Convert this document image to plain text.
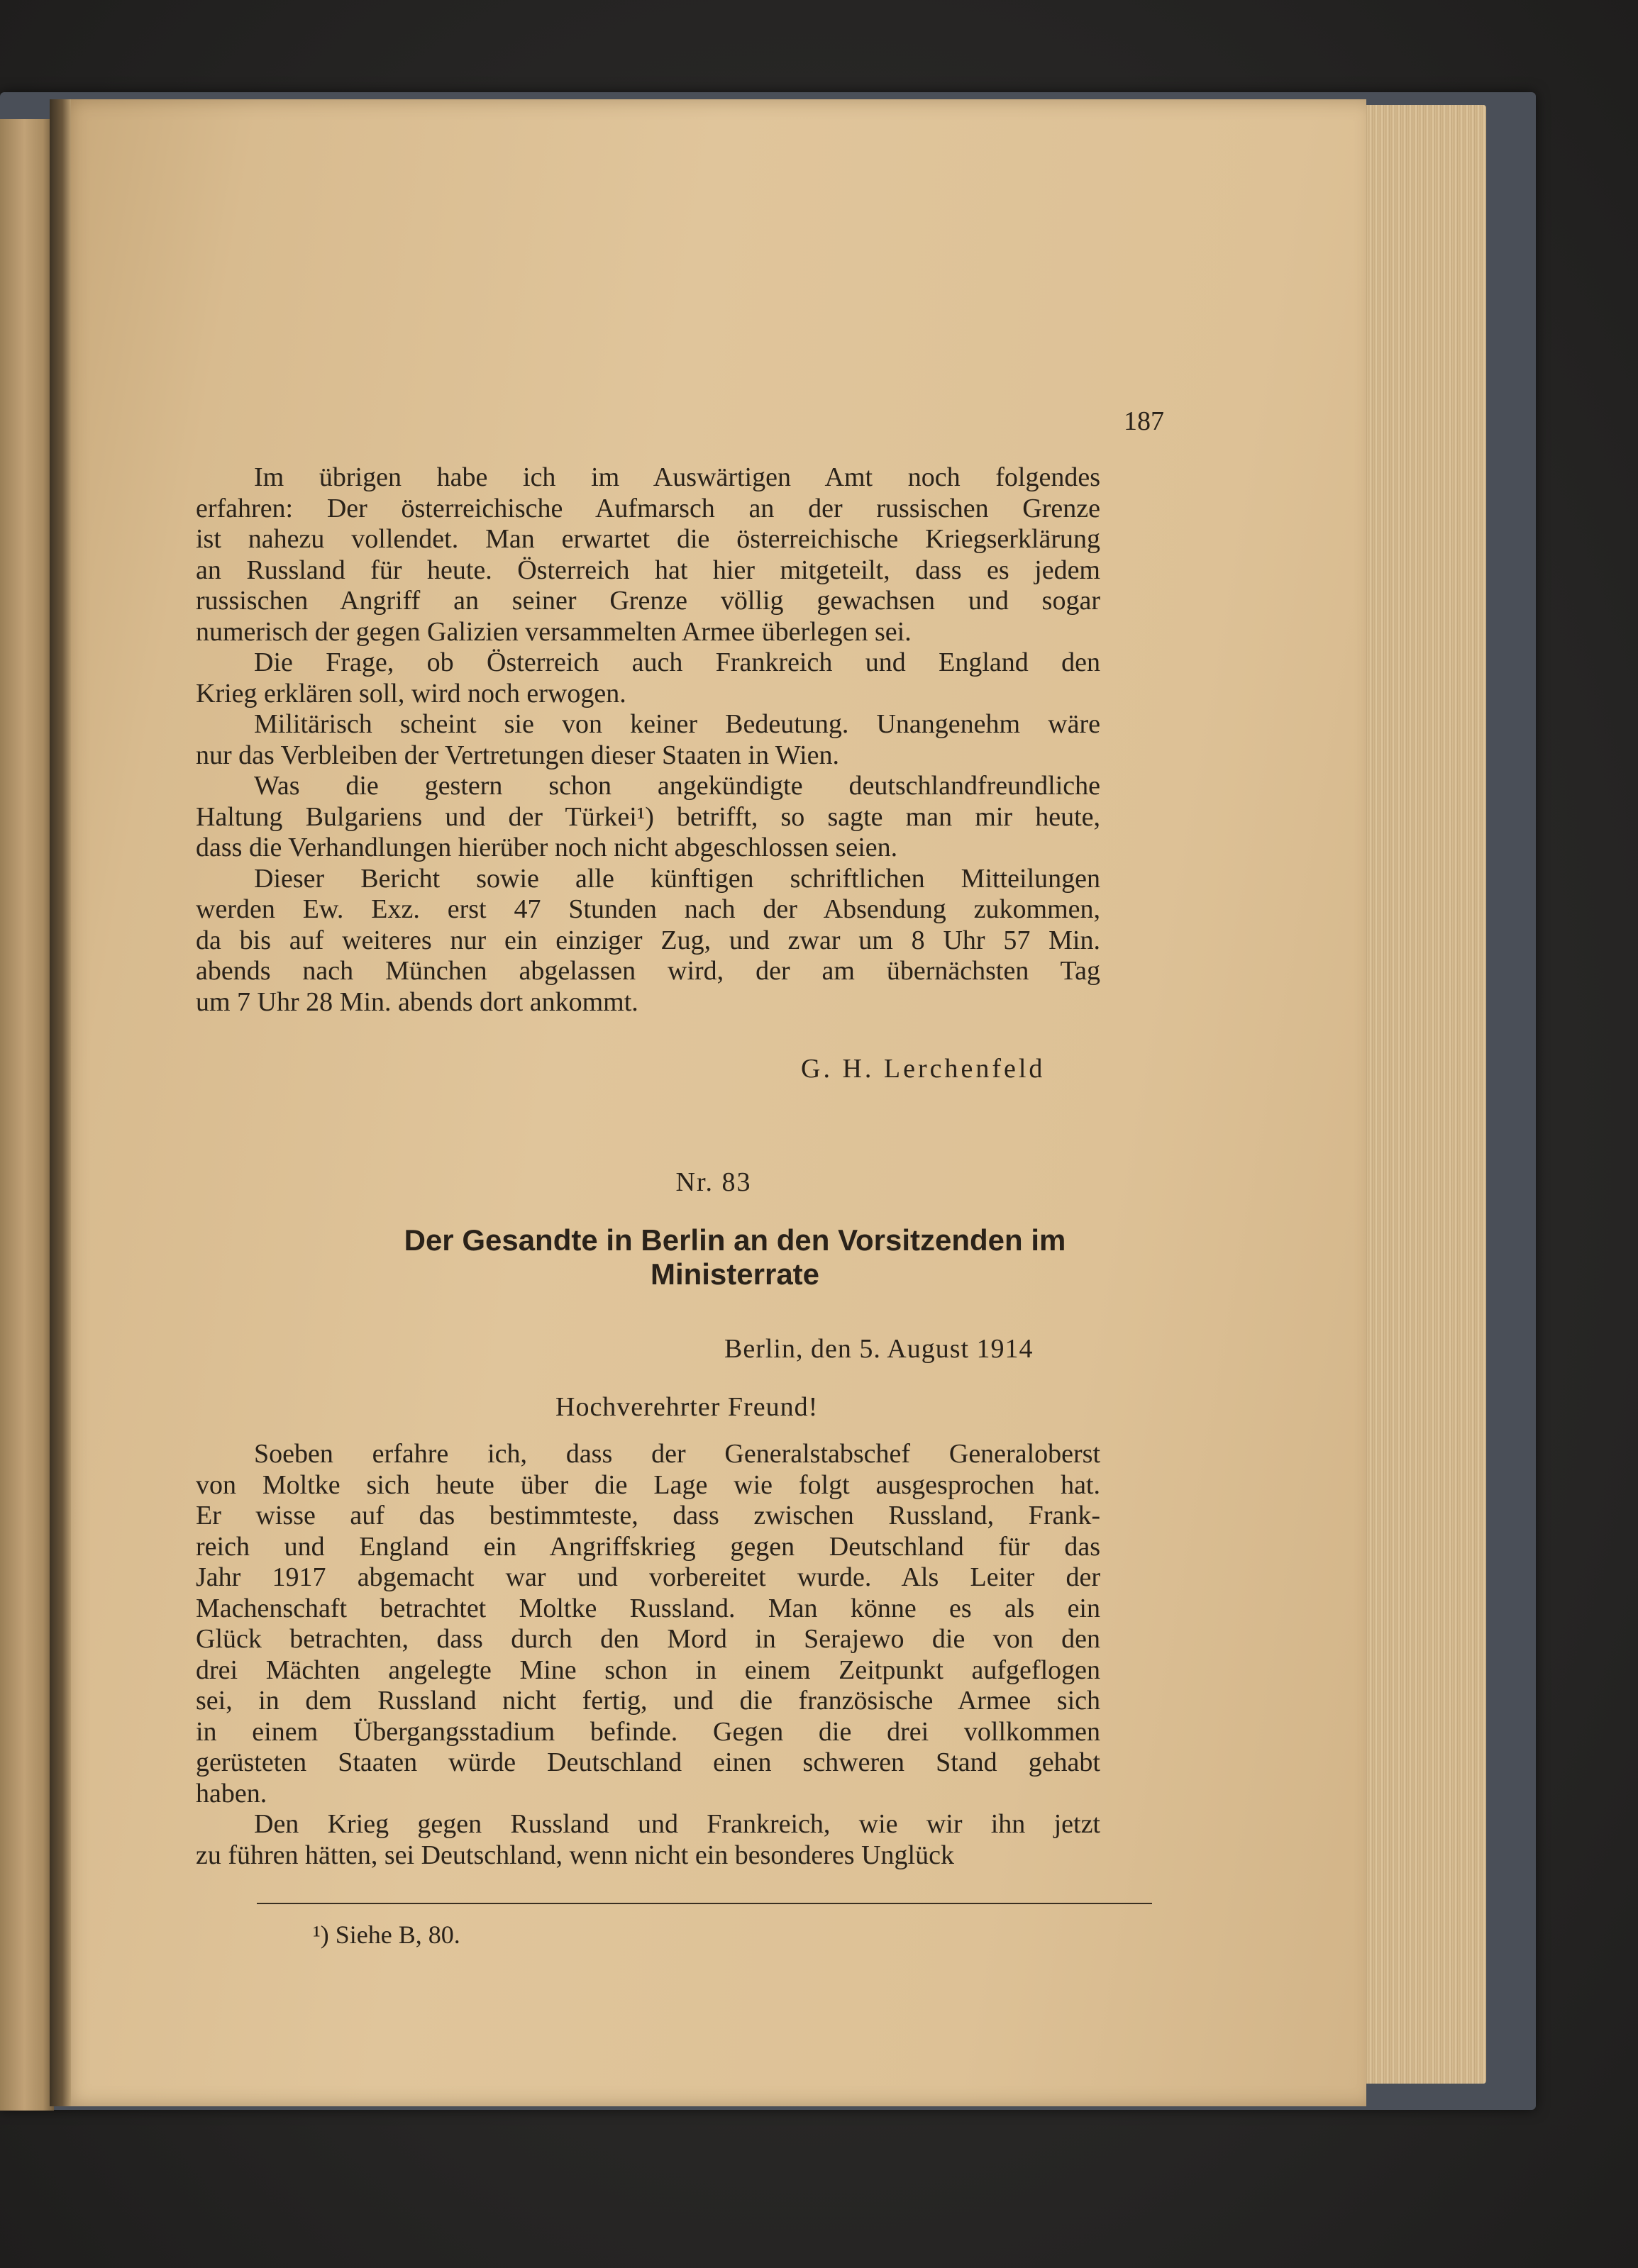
187
Im übrigen habe ich im Auswärtigen Amt noch folgendes
erfahren: Der österreichische Aufmarsch an der russischen Grenze
ist nahezu vollendet. Man erwartet die österreichische Kriegserklärung
an Russland für heute. Österreich hat hier mitgeteilt, dass es jedem
russischen Angriff an seiner Grenze völlig gewachsen und sogar
numerisch der gegen Galizien versammelten Armee überlegen sei.
Die Frage, ob Österreich auch Frankreich und England den
Krieg erklären soll, wird noch erwogen.
Militärisch scheint sie von keiner Bedeutung. Unangenehm wäre
nur das Verbleiben der Vertretungen dieser Staaten in Wien.
Was die gestern schon angekündigte deutschlandfreundliche
Haltung Bulgariens und der Türkei¹) betrifft, so sagte man mir heute,
dass die Verhandlungen hierüber noch nicht abgeschlossen seien.
Dieser Bericht sowie alle künftigen schriftlichen Mitteilungen
werden Ew. Exz. erst 47 Stunden nach der Absendung zukommen,
da bis auf weiteres nur ein einziger Zug, und zwar um 8 Uhr 57 Min.
abends nach München abgelassen wird, der am übernächsten Tag
um 7 Uhr 28 Min. abends dort ankommt.
G. H. Lerchenfeld
Nr. 83
Der Gesandte in Berlin an den Vorsitzenden im
Ministerrate
Berlin, den 5. August 1914
Hochverehrter Freund!
Soeben erfahre ich, dass der Generalstabschef Generaloberst
von Moltke sich heute über die Lage wie folgt ausgesprochen hat.
Er wisse auf das bestimmteste, dass zwischen Russland, Frank-
reich und England ein Angriffskrieg gegen Deutschland für das
Jahr 1917 abgemacht war und vorbereitet wurde. Als Leiter der
Machenschaft betrachtet Moltke Russland. Man könne es als ein
Glück betrachten, dass durch den Mord in Serajewo die von den
drei Mächten angelegte Mine schon in einem Zeitpunkt aufgeflogen
sei, in dem Russland nicht fertig, und die französische Armee sich
in einem Übergangsstadium befinde. Gegen die drei vollkommen
gerüsteten Staaten würde Deutschland einen schweren Stand gehabt
haben.
Den Krieg gegen Russland und Frankreich, wie wir ihn jetzt
zu führen hätten, sei Deutschland, wenn nicht ein besonderes Unglück
¹) Siehe B, 80.
